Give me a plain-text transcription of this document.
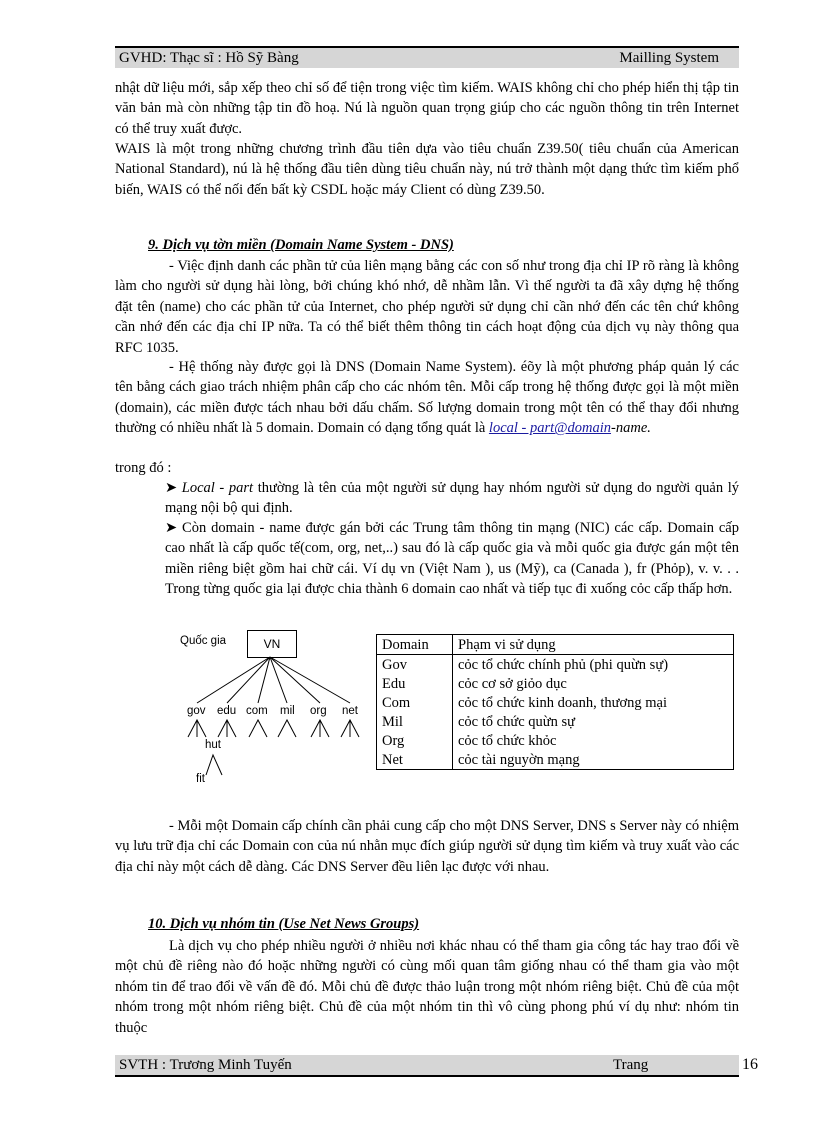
GVHD: Thạc sĩ : Hồ Sỹ Bàng	Mailling System
nhật dữ liệu mới, sắp xếp theo chỉ số để tiện trong việc tìm kiếm. WAIS không chỉ cho phép hiển thị tập tin văn bản mà còn những tập tin đồ hoạ. Nú là nguồn quan trọng giúp cho các nguồn thông tin trên Internet có thể truy xuất được.
WAIS là một trong những chương trình đầu tiên dựa vào tiêu chuẩn Z39.50( tiêu chuẩn của American National Standard), nú là hệ thống đầu tiên dùng tiêu chuẩn này, nú trở thành một dạng thức tìm kiếm phổ biến, WAIS có thể nối đến bất kỳ CSDL hoặc máy Client có dùng Z39.50.
9. Dịch vụ tờn miền (Domain Name System - DNS)
- Việc định danh các phần tử của liên mạng bằng các con số như trong địa chỉ IP rõ ràng là không làm cho người sử dụng hài lòng, bởi chúng khó nhớ, dễ nhầm lẫn. Vì thế người ta đã xây dựng hệ thống đặt tên (name) cho các phần tử của Internet, cho phép người sử dụng chỉ cần nhớ đến các tên chứ không cần nhớ đến các địa chỉ IP nữa. Ta có thể biết thêm thông tin cách hoạt động của dịch vụ này thông qua RFC 1035.
- Hệ thống này được gọi là DNS (Domain Name System). éõy là một phương pháp quản lý các tên bằng cách giao trách nhiệm phân cấp cho các nhóm tên. Mỗi cấp trong hệ thống được gọi là một miền (domain), các miền được tách nhau bởi dấu chấm. Số lượng domain trong một tên có thể thay đổi nhưng thường có nhiều nhất là 5 domain. Domain có dạng tổng quát là local - part@domain-name.
trong đó :
➤ Local - part thường là tên của một người sử dụng hay nhóm người sử dụng do người quản lý mạng nội bộ qui định.
➤ Còn domain - name được gán bởi các Trung tâm thông tin mạng (NIC) các cấp. Domain cấp cao nhất là cấp quốc tế(com, org, net,..) sau đó là cấp quốc gia và mỗi quốc gia được gán một tên miền riêng biệt gồm hai chữ cái. Ví dụ vn (Việt Nam ), us (Mỹ), ca (Canada ), fr (Phỏp), v. v. . . Trong từng quốc gia lại được chia thành 6 domain cao nhất và tiếp tục đi xuống cỏc cấp thấp hơn.
Quốc gia	VN
gov edu com mil org net
hut
fit
Domain	Phạm vi sử dụng
Gov	cỏc tổ chức chính phủ (phi quừn sự)
Edu	cỏc cơ sở giỏo dục
Com	cỏc tổ chức kinh doanh, thương mại
Mil	cỏc tổ chức quừn sự
Org	cỏc tổ chức khỏc
Net	cỏc tài nguyờn mạng
- Mỗi một Domain cấp chính cần phải cung cấp cho một DNS Server, DNS s Server này có nhiệm vụ lưu trữ địa chỉ các Domain con của nú nhằn mục đích giúp người sử dụng tìm kiếm và truy xuất vào các địa chỉ này một cách dễ dàng. Các DNS Server đều liên lạc được với nhau.
10. Dịch vụ nhóm tin (Use Net News Groups)
Là dịch vụ cho phép nhiều người ở nhiều nơi khác nhau có thể tham gia công tác hay trao đổi về một chủ đề riêng nào đó hoặc những người có cùng mối quan tâm giống nhau có thể tham gia vào một nhóm tin để trao đổi về vấn đề đó. Mỗi chủ đề được thảo luận trong một nhóm riêng biệt. Chủ đề của một nhóm trong một nhóm riêng biệt. Chủ đề của một nhóm tin thì vô cùng phong phú ví dụ như: nhóm tin thuộc
SVTH : Trương Minh Tuyến	Trang	16
